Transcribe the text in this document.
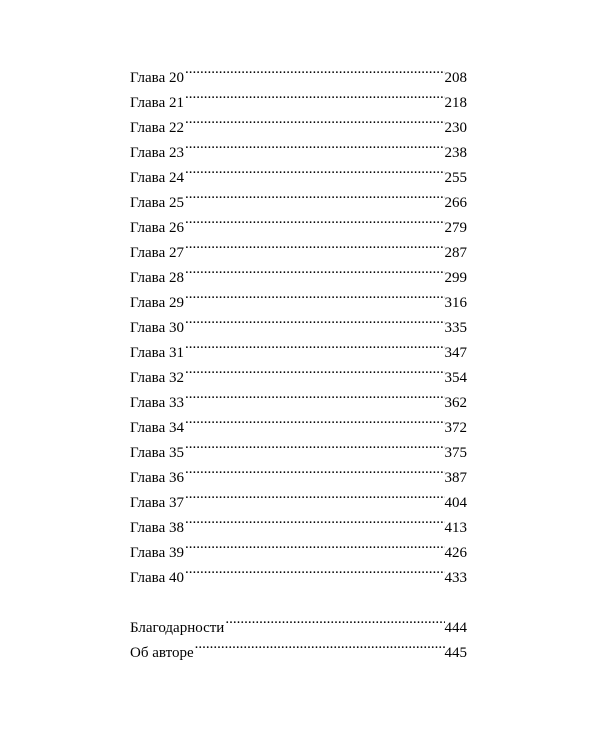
Глава 20 .....	208
Глава 21 .....	218
Глава 22 .....	230
Глава 23 .....	238
Глава 24 .....	255
Глава 25 .....	266
Глава 26 .....	279
Глава 27 .....	287
Глава 28 .....	299
Глава 29 .....	316
Глава 30 .....	335
Глава 31 .....	347
Глава 32 .....	354
Глава 33 .....	362
Глава 34 .....	372
Глава 35 .....	375
Глава 36 .....	387
Глава 37 .....	404
Глава 38 .....	413
Глава 39 .....	426
Глава 40 .....	433
Благодарности .....	444
Об авторе .....	445
